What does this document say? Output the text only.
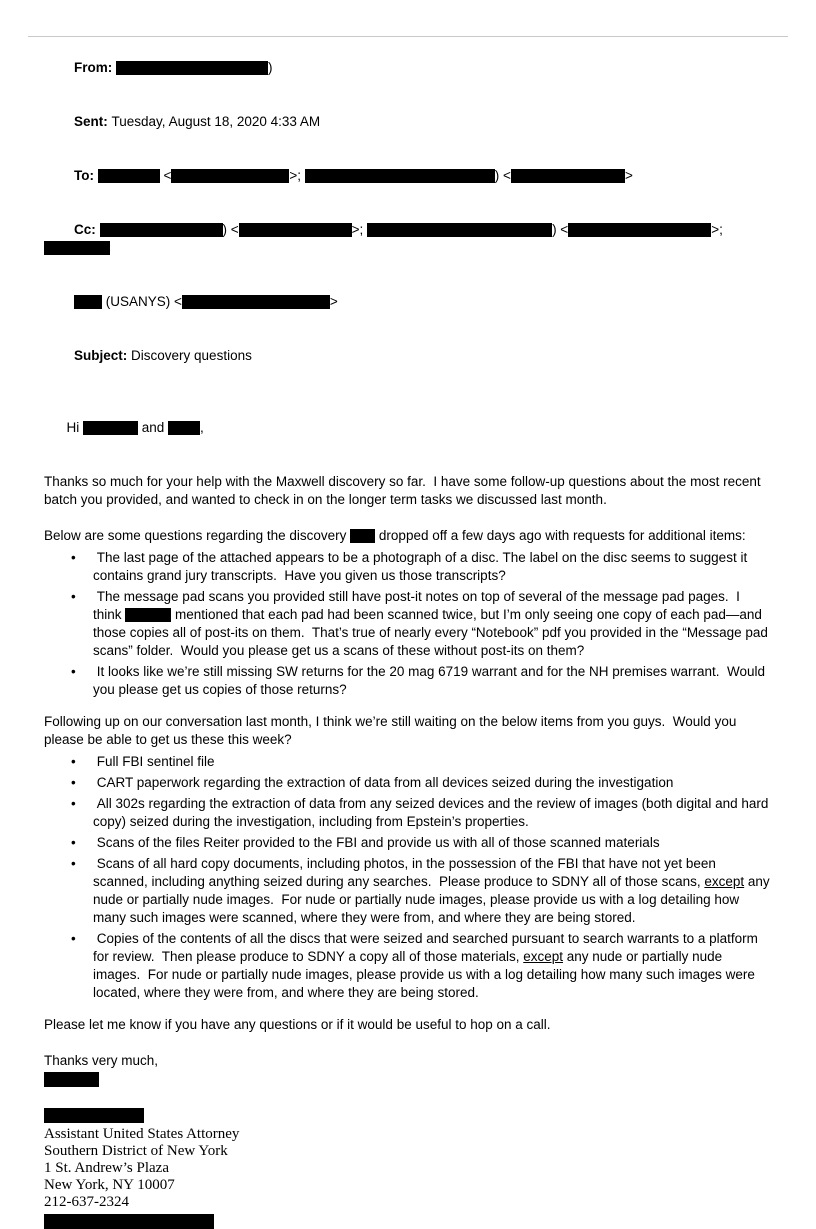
From:	)

Sent: Tuesday, August 18, 2020 4:33 AM

To:	<	>;	) <	>

Cc:	) <	>;	) <	>;

(USANYS) <	>

Subject: Discovery questions

Hi	and ,

Thanks so much for your help with the Maxwell discovery so far.  I have some follow-up questions about the most recent batch you provided, and wanted to check in on the longer term tasks we discussed last month.
Below are some questions regarding the discovery  dropped off a few days ago with requests for additional items:
•  The last page of the attached appears to be a photograph of a disc. The label on the disc seems to suggest it contains grand jury transcripts.  Have you given us those transcripts?
•  The message pad scans you provided still have post-it notes on top of several of the message pad pages.  I think	mentioned that each pad had been scanned twice, but I’m only seeing one copy of each pad—and those copies all of post-its on them.  That’s true of nearly every “Notebook” pdf you provided in the “Message pad scans” folder.  Would you please get us a scans of these without post-its on them?
•  It looks like we’re still missing SW returns for the 20 mag 6719 warrant and for the NH premises warrant.  Would you please get us copies of those returns?
Following up on our conversation last month, I think we’re still waiting on the below items from you guys.  Would you please be able to get us these this week?
•  Full FBI sentinel file
•  CART paperwork regarding the extraction of data from all devices seized during the investigation
•  All 302s regarding the extraction of data from any seized devices and the review of images (both digital and hard copy) seized during the investigation, including from Epstein’s properties.
•  Scans of the files Reiter provided to the FBI and provide us with all of those scanned materials
•  Scans of all hard copy documents, including photos, in the possession of the FBI that have not yet been scanned, including anything seized during any searches.  Please produce to SDNY all of those scans, except any nude or partially nude images.  For nude or partially nude images, please provide us with a log detailing how many such images were scanned, where they were from, and where they are being stored.
•  Copies of the contents of all the discs that were seized and searched pursuant to search warrants to a platform for review.  Then please produce to SDNY a copy all of those materials, except any nude or partially nude images.  For nude or partially nude images, please provide us with a log detailing how many such images were located, where they were from, and where they are being stored.
Please let me know if you have any questions or if it would be useful to hop on a call.
Thanks very much,
Assistant United States Attorney
Southern District of New York
1 St. Andrew’s Plaza
New York, NY 10007
212-637-2324
